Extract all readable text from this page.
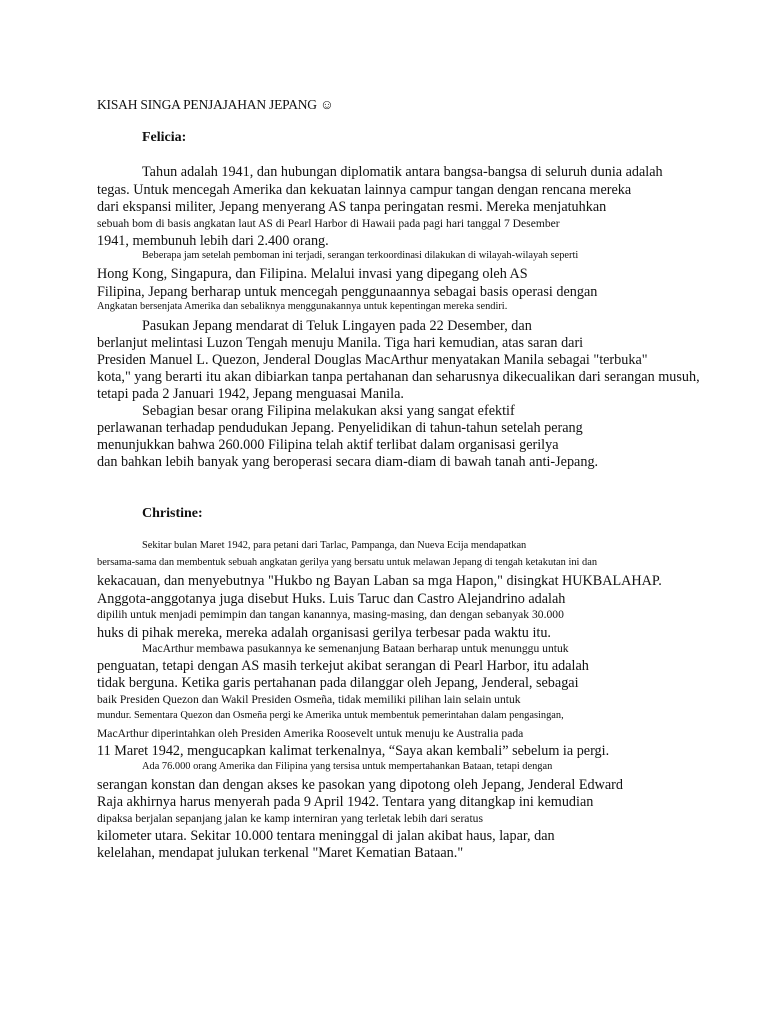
KISAH SINGA PENJAJAHAN JEPANG ☺
Felicia:
Tahun adalah 1941, dan hubungan diplomatik antara bangsa-bangsa di seluruh dunia adalah
tegas. Untuk mencegah Amerika dan kekuatan lainnya campur tangan dengan rencana mereka
dari ekspansi militer, Jepang menyerang AS tanpa peringatan resmi. Mereka menjatuhkan
sebuah bom di basis angkatan laut AS di Pearl Harbor di Hawaii pada pagi hari tanggal 7 Desember
1941, membunuh lebih dari 2.400 orang.
Beberapa jam setelah pemboman ini terjadi, serangan terkoordinasi dilakukan di wilayah-wilayah seperti
Hong Kong, Singapura, dan Filipina. Melalui invasi yang dipegang oleh AS
Filipina, Jepang berharap untuk mencegah penggunaannya sebagai basis operasi dengan
Angkatan bersenjata Amerika dan sebaliknya menggunakannya untuk kepentingan mereka sendiri.
Pasukan Jepang mendarat di Teluk Lingayen pada 22 Desember, dan
berlanjut melintasi Luzon Tengah menuju Manila. Tiga hari kemudian, atas saran dari
Presiden Manuel L. Quezon, Jenderal Douglas MacArthur menyatakan Manila sebagai "terbuka"
kota," yang berarti itu akan dibiarkan tanpa pertahanan dan seharusnya dikecualikan dari serangan musuh,
tetapi pada 2 Januari 1942, Jepang menguasai Manila.
Sebagian besar orang Filipina melakukan aksi yang sangat efektif
perlawanan terhadap pendudukan Jepang. Penyelidikan di tahun-tahun setelah perang
menunjukkan bahwa 260.000 Filipina telah aktif terlibat dalam organisasi gerilya
dan bahkan lebih banyak yang beroperasi secara diam-diam di bawah tanah anti-Jepang.
Christine:
Sekitar bulan Maret 1942, para petani dari Tarlac, Pampanga, dan Nueva Ecija mendapatkan
bersama-sama dan membentuk sebuah angkatan gerilya yang bersatu untuk melawan Jepang di tengah ketakutan ini dan
kekacauan, dan menyebutnya "Hukbo ng Bayan Laban sa mga Hapon," disingkat HUKBALAHAP.
Anggota-anggotanya juga disebut Huks. Luis Taruc dan Castro Alejandrino adalah
dipilih untuk menjadi pemimpin dan tangan kanannya, masing-masing, dan dengan sebanyak 30.000
huks di pihak mereka, mereka adalah organisasi gerilya terbesar pada waktu itu.
MacArthur membawa pasukannya ke semenanjung Bataan berharap untuk menunggu untuk
penguatan, tetapi dengan AS masih terkejut akibat serangan di Pearl Harbor, itu adalah
tidak berguna. Ketika garis pertahanan pada dilanggar oleh Jepang, Jenderal, sebagai
baik Presiden Quezon dan Wakil Presiden Osmeña, tidak memiliki pilihan lain selain untuk
mundur. Sementara Quezon dan Osmeña pergi ke Amerika untuk membentuk pemerintahan dalam pengasingan,
MacArthur diperintahkan oleh Presiden Amerika Roosevelt untuk menuju ke Australia pada
11 Maret 1942, mengucapkan kalimat terkenalnya, “Saya akan kembali” sebelum ia pergi.
Ada 76.000 orang Amerika dan Filipina yang tersisa untuk mempertahankan Bataan, tetapi dengan
serangan konstan dan dengan akses ke pasokan yang dipotong oleh Jepang, Jenderal Edward
Raja akhirnya harus menyerah pada 9 April 1942. Tentara yang ditangkap ini kemudian
dipaksa berjalan sepanjang jalan ke kamp interniran yang terletak lebih dari seratus
kilometer utara. Sekitar 10.000 tentara meninggal di jalan akibat haus, lapar, dan
kelelahan, mendapat julukan terkenal "Maret Kematian Bataan."
